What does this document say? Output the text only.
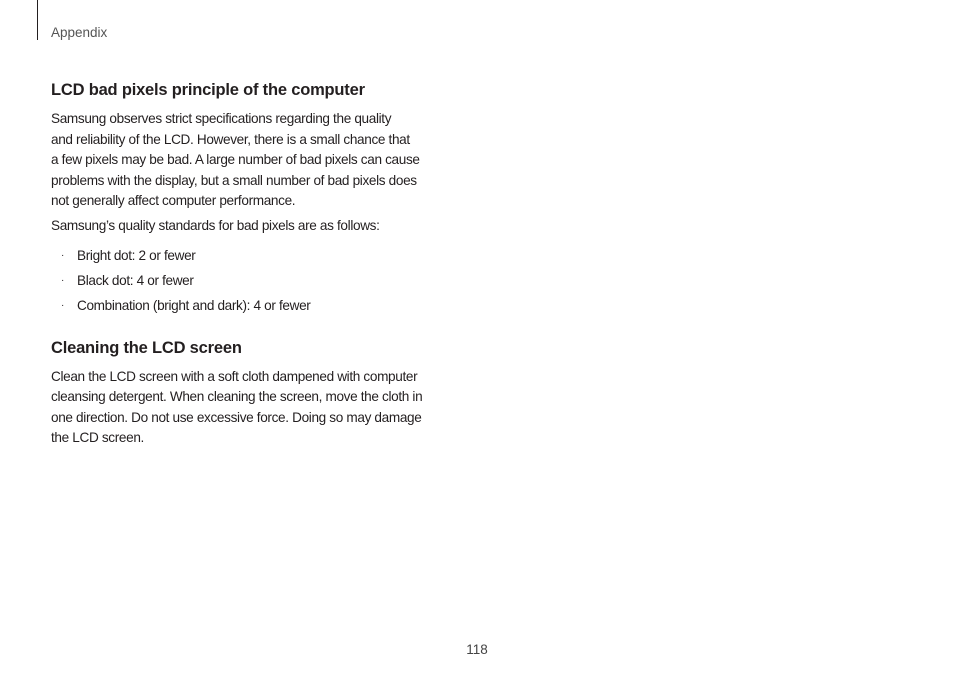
Appendix
LCD bad pixels principle of the computer

Samsung observes strict specifications regarding the quality
and reliability of the LCD. However, there is a small chance that
a few pixels may be bad. A large number of bad pixels can cause
problems with the display, but a small number of bad pixels does
not generally affect computer performance.

Samsung’s quality standards for bad pixels are as follows:

· Bright dot: 2 or fewer
· Black dot: 4 or fewer
· Combination (bright and dark): 4 or fewer
Cleaning the LCD screen

Clean the LCD screen with a soft cloth dampened with computer
cleansing detergent. When cleaning the screen, move the cloth in
one direction. Do not use excessive force. Doing so may damage
the LCD screen.

118
